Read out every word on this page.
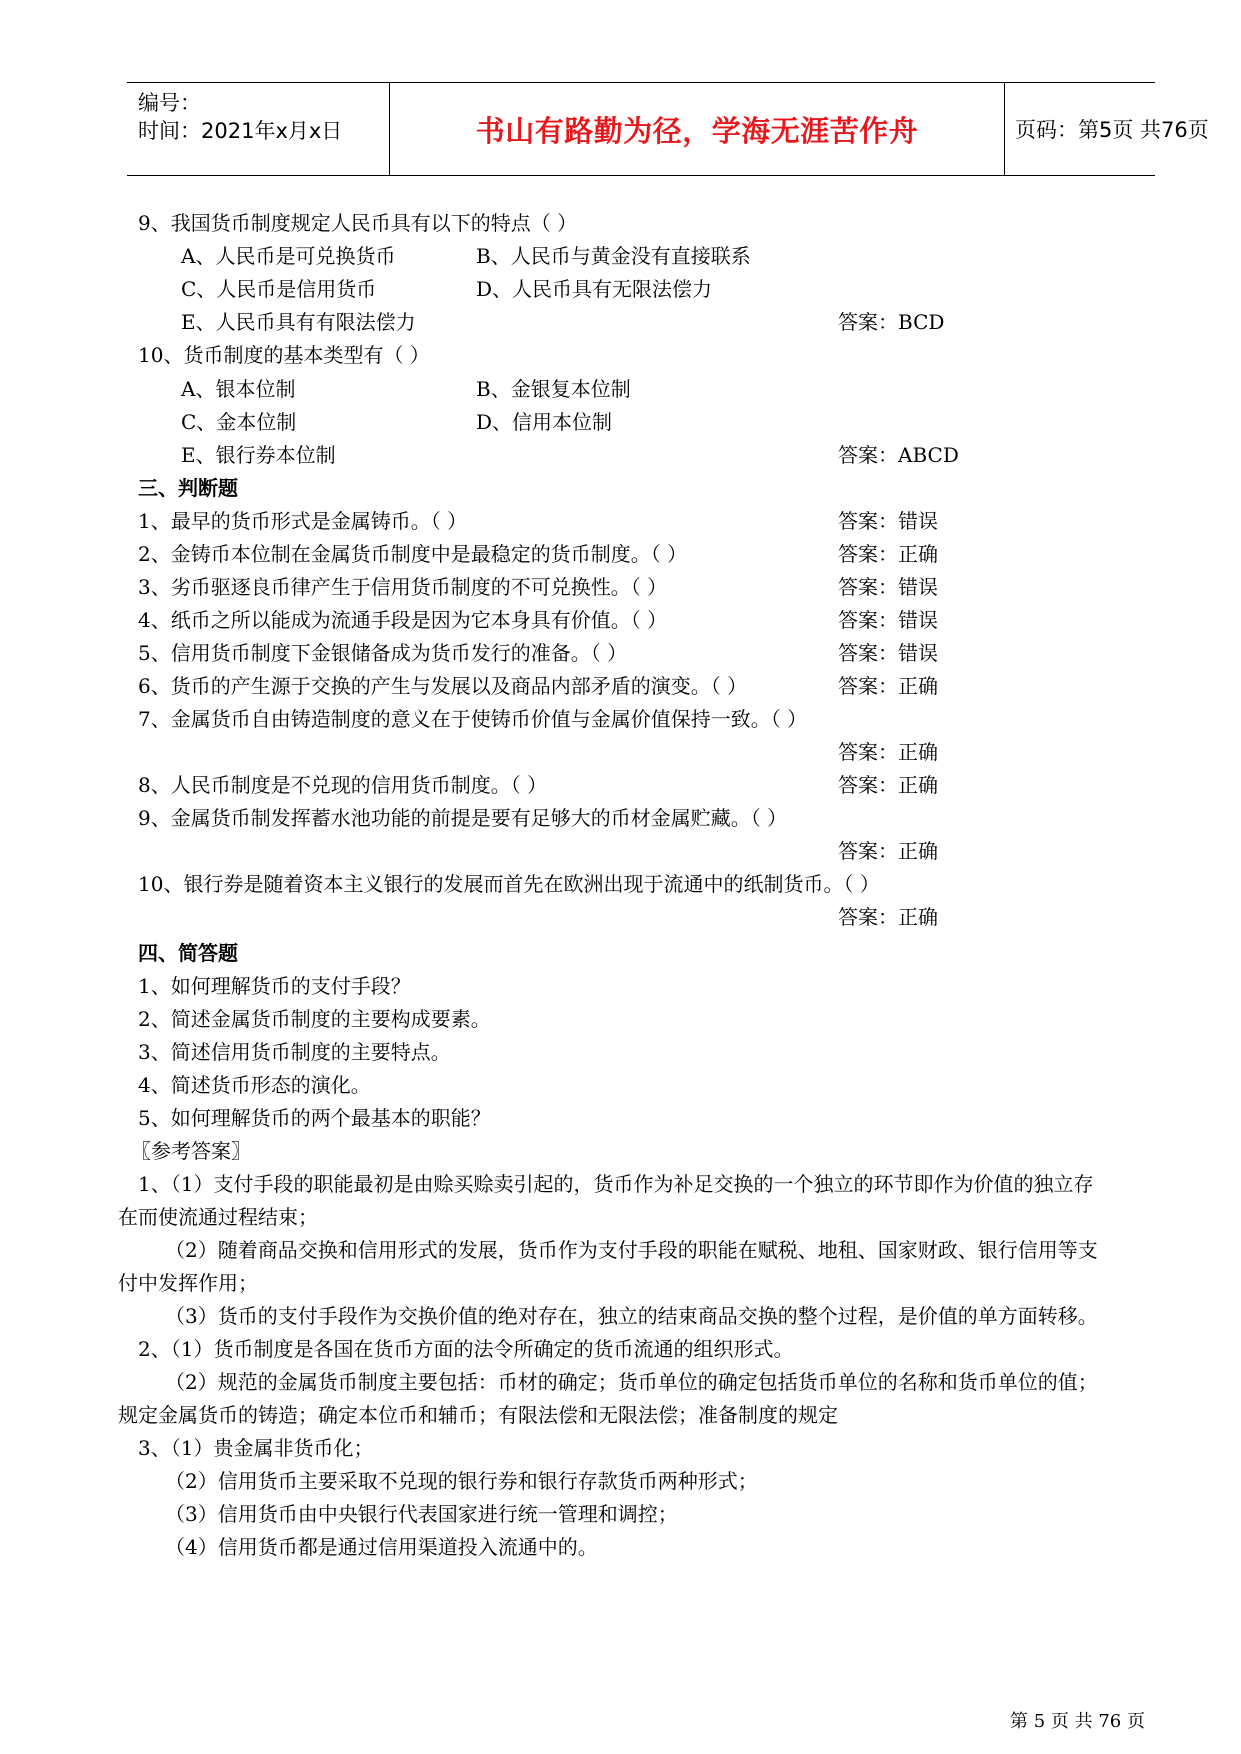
编号：
时间：2021年x月x日	书山有路勤为径，学海无涯苦作舟	页码：第5页 共76页
9、我国货币制度规定人民币具有以下的特点（ ）
A、人民币是可兑换货币	B、人民币与黄金没有直接联系
C、人民币是信用货币	D、人民币具有无限法偿力
E、人民币具有有限法偿力	答案：BCD
10、货币制度的基本类型有（ ）
A、银本位制	B、金银复本位制
C、金本位制	D、信用本位制
E、银行券本位制	答案：ABCD
三、判断题
1、最早的货币形式是金属铸币。（ ）	答案：错误
2、金铸币本位制在金属货币制度中是最稳定的货币制度。（ ）	答案：正确
3、劣币驱逐良币律产生于信用货币制度的不可兑换性。（ ）	答案：错误
4、纸币之所以能成为流通手段是因为它本身具有价值。（ ）	答案：错误
5、信用货币制度下金银储备成为货币发行的准备。（ ）	答案：错误
6、货币的产生源于交换的产生与发展以及商品内部矛盾的演变。（ ）	答案：正确
7、金属货币自由铸造制度的意义在于使铸币价值与金属价值保持一致。（ ）
答案：正确
8、人民币制度是不兑现的信用货币制度。（ ）	答案：正确
9、金属货币制发挥蓄水池功能的前提是要有足够大的币材金属贮藏。（ ）
答案：正确
10、银行券是随着资本主义银行的发展而首先在欧洲出现于流通中的纸制货币。（ ）
答案：正确
四、简答题
1、如何理解货币的支付手段？
2、简述金属货币制度的主要构成要素。
3、简述信用货币制度的主要特点。
4、简述货币形态的演化。
5、如何理解货币的两个最基本的职能？
〖参考答案〗
1、（1）支付手段的职能最初是由赊买赊卖引起的，货币作为补足交换的一个独立的环节即作为价值的独立存
在而使流通过程结束；
（2）随着商品交换和信用形式的发展，货币作为支付手段的职能在赋税、地租、国家财政、银行信用等支
付中发挥作用；
（3）货币的支付手段作为交换价值的绝对存在，独立的结束商品交换的整个过程，是价值的单方面转移。
2、（1）货币制度是各国在货币方面的法令所确定的货币流通的组织形式。
（2）规范的金属货币制度主要包括：币材的确定；货币单位的确定包括货币单位的名称和货币单位的值；
规定金属货币的铸造；确定本位币和辅币；有限法偿和无限法偿；准备制度的规定
3、（1）贵金属非货币化；
（2）信用货币主要采取不兑现的银行券和银行存款货币两种形式；
（3）信用货币由中央银行代表国家进行统一管理和调控；
（4）信用货币都是通过信用渠道投入流通中的。
第 5 页 共 76 页
